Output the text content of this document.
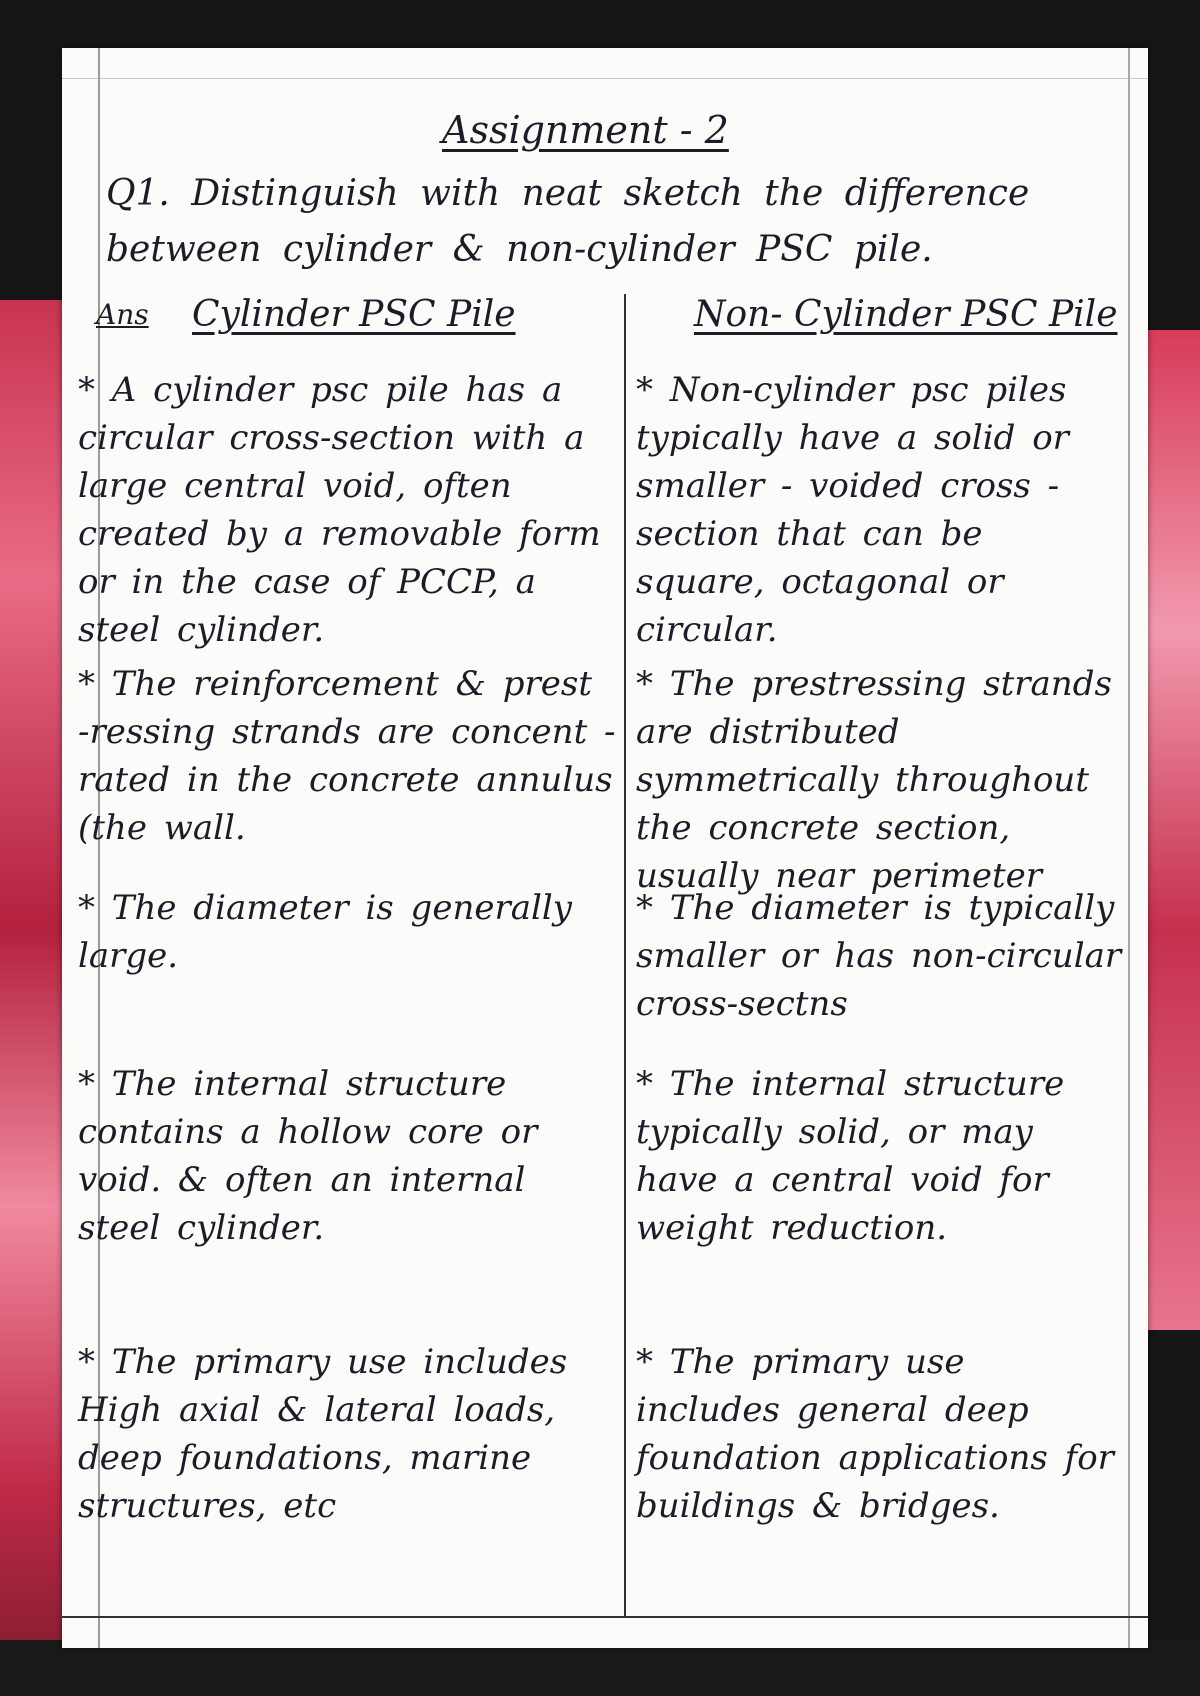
Assignment - 2
Q1. Distinguish with neat sketch the difference between cylinder & non-cylinder PSC pile.
Ans Cylinder PSC Pile	Non- Cylinder PSC Pile
* A cylinder psc pile has a circular cross-section with a large central void, often created by a removable form or in the case of PCCP, a steel cylinder.
* Non-cylinder psc piles typically have a solid or smaller - voided cross -section that can be square, octagonal or circular.
* The reinforcement & prest -ressing strands are concent -rated in the concrete annulus (the wall.
* The prestressing strands are distributed symmetrically throughout the concrete section, usually near perimeter
* The diameter is generally large.
* The diameter is typically smaller or has non-circular cross-sectns
* The internal structure contains a hollow core or void. & often an internal steel cylinder.
* The internal structure typically solid, or may have a central void for weight reduction.
* The primary use includes High axial & lateral loads, deep foundations, marine structures, etc
* The primary use includes general deep foundation applications for buildings & bridges.
